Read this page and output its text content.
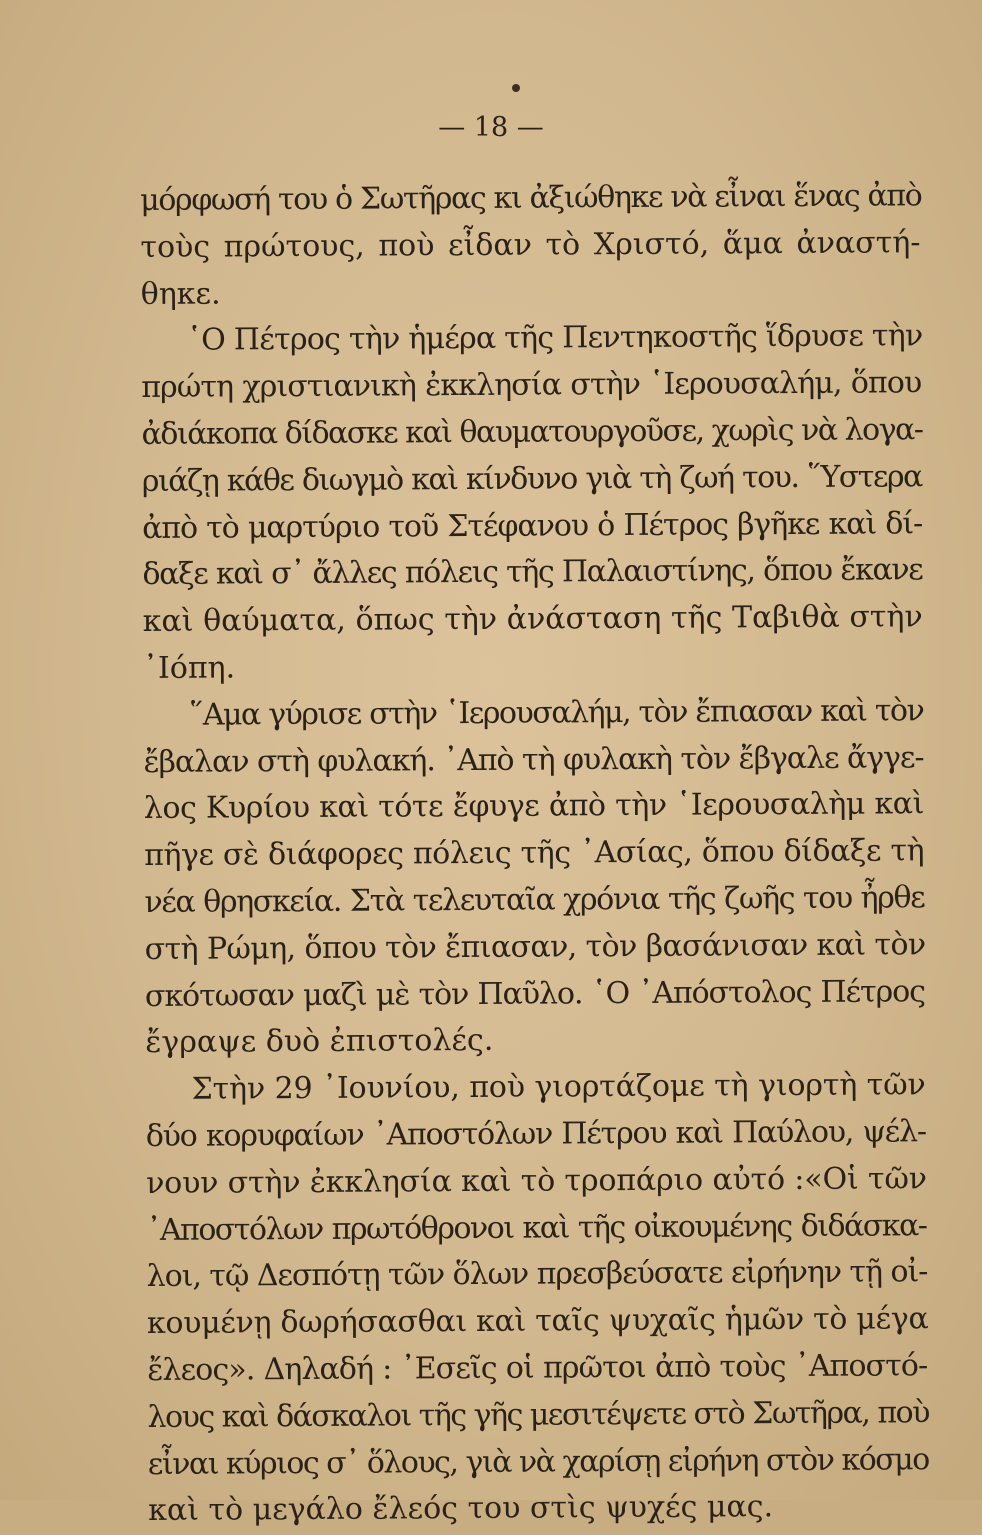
— 18 —
μόρφωσή του ὁ Σωτῆρας κι ἀξιώθηκε νὰ εἶναι ἕνας ἀπὸ
τοὺς πρώτους, ποὺ εἶδαν τὸ Χριστό, ἅμα ἀναστή-
θηκε.
῾Ο Πέτρος τὴν ἡμέρα τῆς Πεντηκοστῆς ἵδρυσε τὴν
πρώτη χριστιανικὴ ἐκκλησία στὴν ῾Ιερουσαλήμ, ὅπου
ἀδιάκοπα δίδασκε καὶ θαυματουργοῦσε, χωρὶς νὰ λογα-
ριάζῃ κάθε διωγμὸ καὶ κίνδυνο γιὰ τὴ ζωή του. ῞Υστερα
ἀπὸ τὸ μαρτύριο τοῦ Στέφανου ὁ Πέτρος βγῆκε καὶ δί-
δαξε καὶ σ᾽ ἄλλες πόλεις τῆς Παλαιστίνης, ὅπου ἔκανε
καὶ θαύματα, ὅπως τὴν ἀνάσταση τῆς Ταβιθὰ στὴν
᾽Ιόπη.
῞Αμα γύρισε στὴν ῾Ιερουσαλήμ, τὸν ἔπιασαν καὶ τὸν
ἔβαλαν στὴ φυλακή. ᾽Απὸ τὴ φυλακὴ τὸν ἔβγαλε ἄγγε-
λος Κυρίου καὶ τότε ἔφυγε ἀπὸ τὴν ῾Ιερουσαλὴμ καὶ
πῆγε σὲ διάφορες πόλεις τῆς ᾽Ασίας, ὅπου δίδαξε τὴ
νέα θρησκεία. Στὰ τελευταῖα χρόνια τῆς ζωῆς του ἦρθε
στὴ Ρώμη, ὅπου τὸν ἔπιασαν, τὸν βασάνισαν καὶ τὸν
σκότωσαν μαζὶ μὲ τὸν Παῦλο. ῾Ο ᾽Απόστολος Πέτρος
ἔγραψε δυὸ ἐπιστολές.
Στὴν 29 ᾽Ιουνίου, ποὺ γιορτάζομε τὴ γιορτὴ τῶν
δύο κορυφαίων ᾽Αποστόλων Πέτρου καὶ Παύλου, ψέλ-
νουν στὴν ἐκκλησία καὶ τὸ τροπάριο αὐτό :«Οἱ τῶν
᾽Αποστόλων πρωτόθρονοι καὶ τῆς οἰκουμένης διδάσκα-
λοι, τῷ Δεσπότῃ τῶν ὅλων πρεσβεύσατε εἰρήνην τῇ οἰ-
κουμένῃ δωρήσασθαι καὶ ταῖς ψυχαῖς ἡμῶν τὸ μέγα
ἔλεος». Δηλαδή : ᾽Εσεῖς οἱ πρῶτοι ἀπὸ τοὺς ᾽Αποστό-
λους καὶ δάσκαλοι τῆς γῆς μεσιτέψετε στὸ Σωτῆρα, ποὺ
εἶναι κύριος σ᾽ ὅλους, γιὰ νὰ χαρίσῃ εἰρήνη στὸν κόσμο
καὶ τὸ μεγάλο ἔλεός του στὶς ψυχές μας.
